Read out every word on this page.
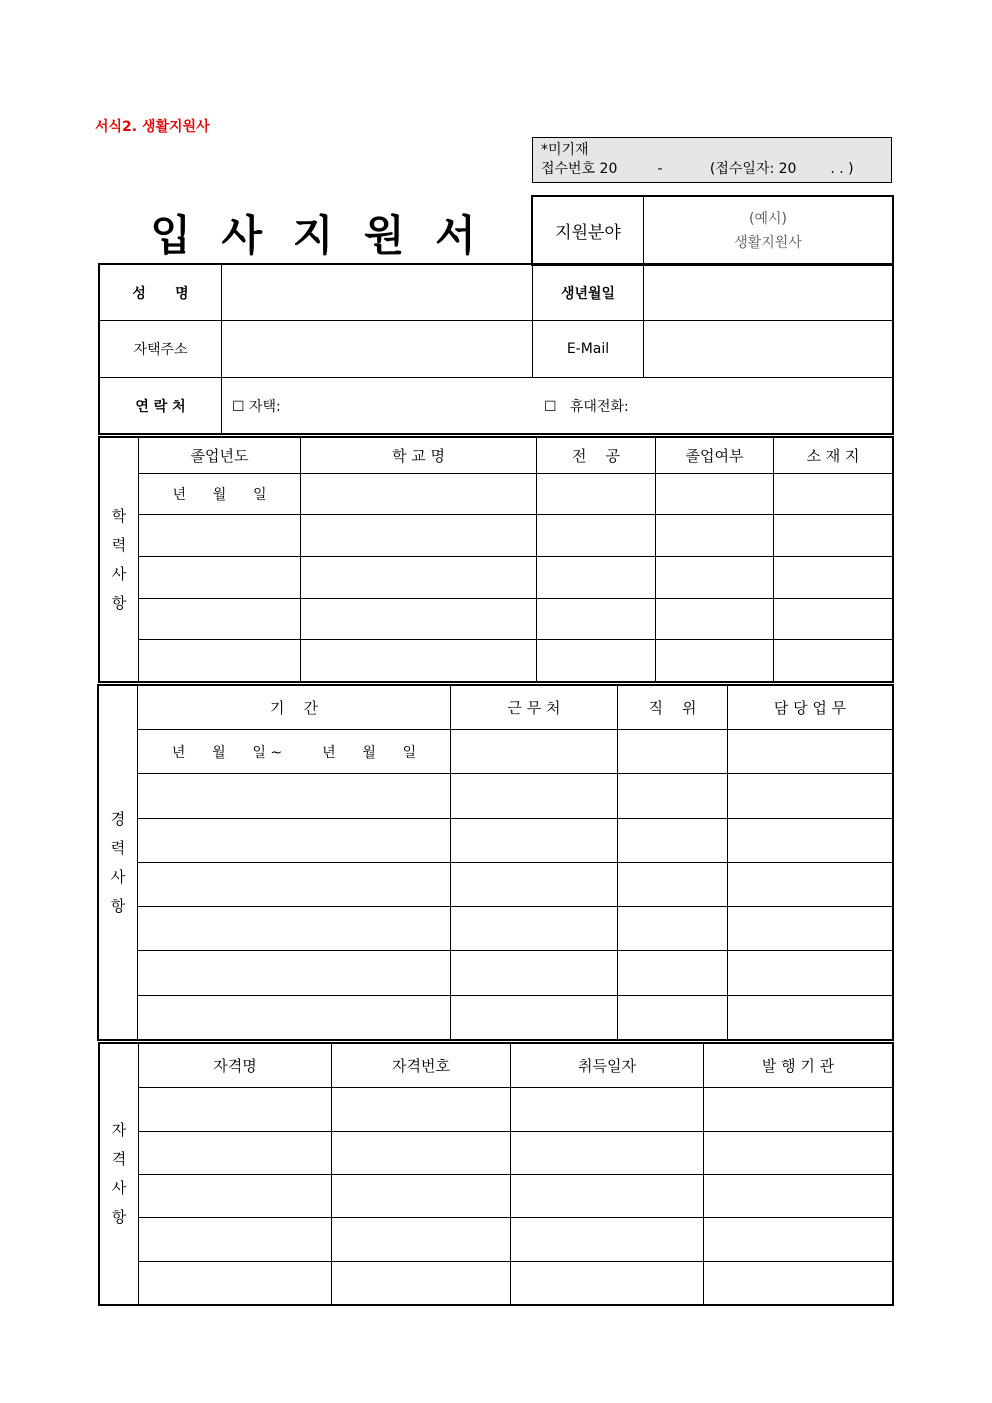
서식2. 생활지원사
*미기재
접수번호 20	-	(접수일자: 20 . . )
입 사 지 원 서	지원분야	
(예시)
생활지원사
성      명		생년월일	
자택주소		E-Mail	
연 락 처	☐ 자택: ☐   휴대전화:		
학
력
사
항	졸업년도	학 교 명	전    공	졸업여부	소 재 지
	년      월      일				

경
력
사
항	기    간	근 무 처	직    위	담 당 업 무
	년      월      일 ~         년      월      일			

자
격
사
항	자격명	자격번호	취득일자	발 행 기 관
